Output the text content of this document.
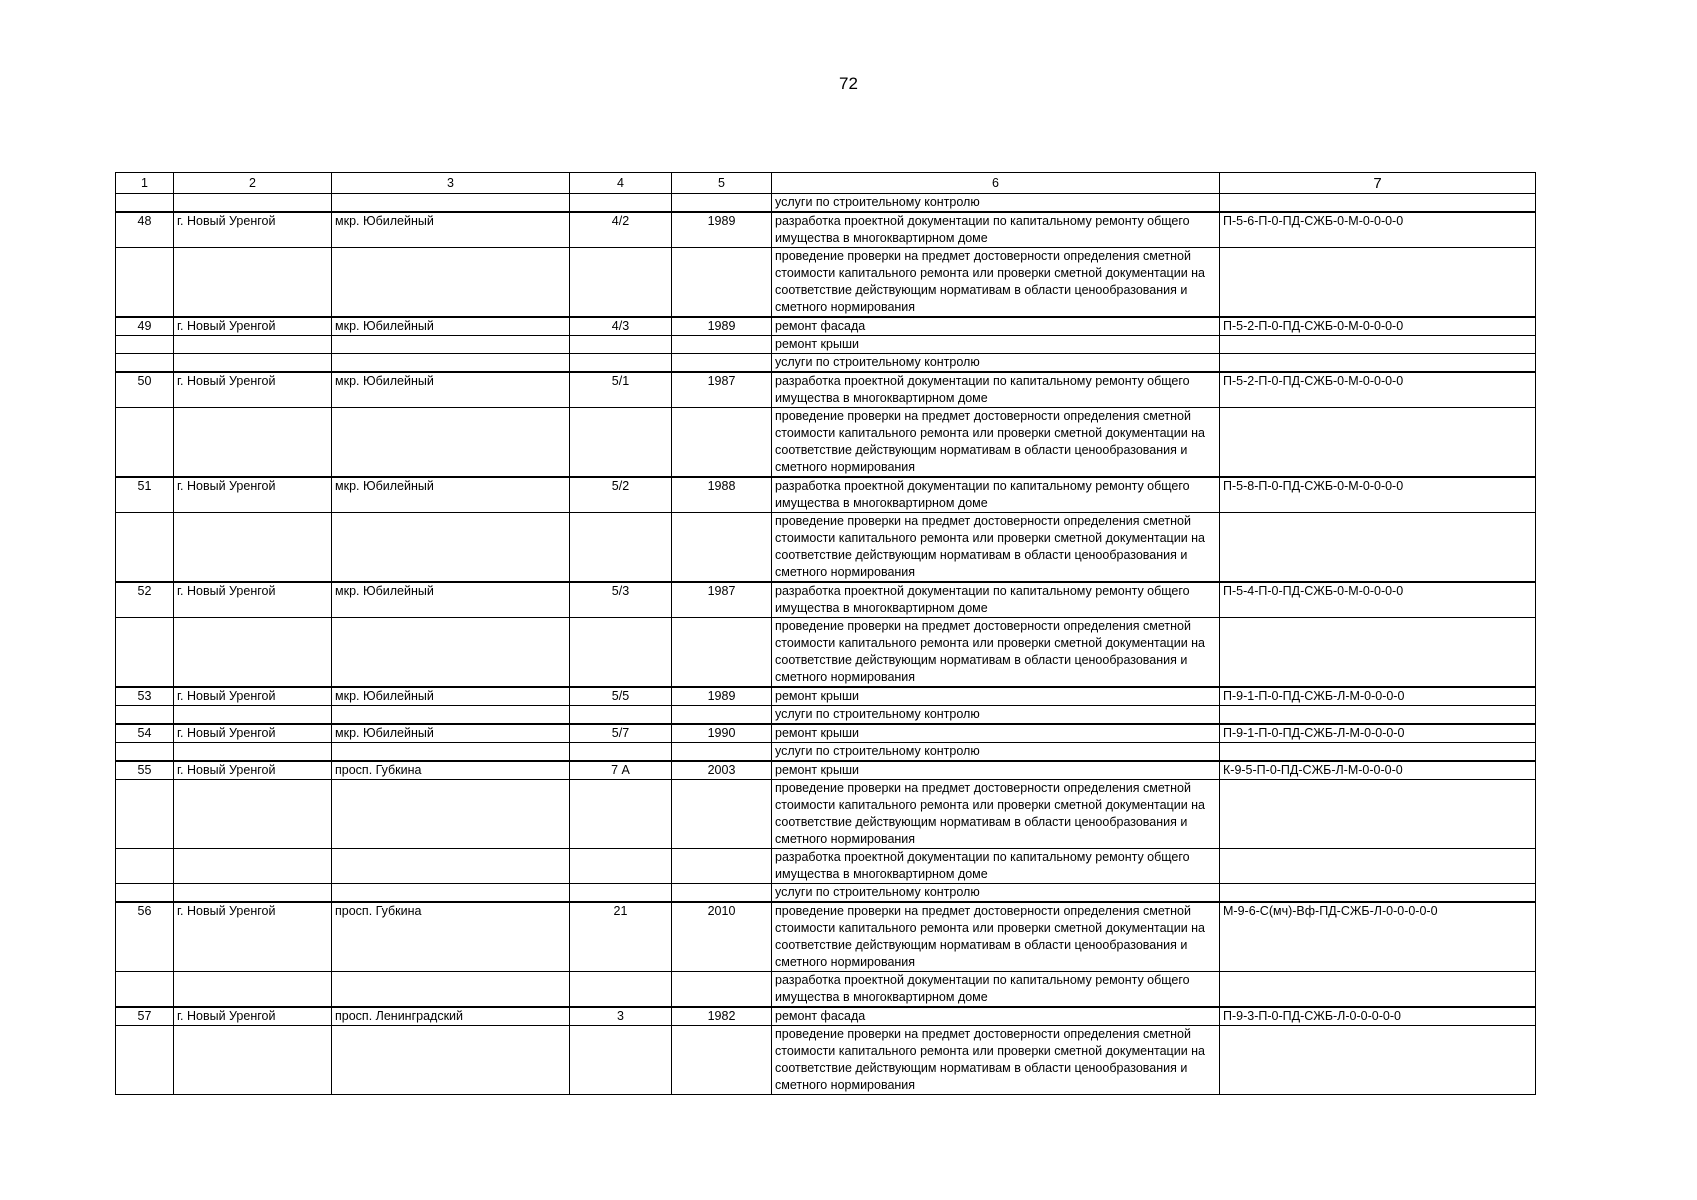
72
1	2	3	4	5	6	7
					услуги по строительному контролю	
48	г. Новый Уренгой	мкр. Юбилейный	4/2	1989	разработка проектной документации по капитальному ремонту общего имущества в многоквартирном доме	П-5-6-П-0-ПД-СЖБ-0-М-0-0-0-0
					проведение проверки на предмет достоверности определения сметной стоимости капитального ремонта или проверки сметной документации на соответствие действующим нормативам в области ценообразования и сметного нормирования	
49	г. Новый Уренгой	мкр. Юбилейный	4/3	1989	ремонт фасада	П-5-2-П-0-ПД-СЖБ-0-М-0-0-0-0
					ремонт крыши	
					услуги по строительному контролю	
50	г. Новый Уренгой	мкр. Юбилейный	5/1	1987	разработка проектной документации по капитальному ремонту общего имущества в многоквартирном доме	П-5-2-П-0-ПД-СЖБ-0-М-0-0-0-0
					проведение проверки на предмет достоверности определения сметной стоимости капитального ремонта или проверки сметной документации на соответствие действующим нормативам в области ценообразования и сметного нормирования	
51	г. Новый Уренгой	мкр. Юбилейный	5/2	1988	разработка проектной документации по капитальному ремонту общего имущества в многоквартирном доме	П-5-8-П-0-ПД-СЖБ-0-М-0-0-0-0
					проведение проверки на предмет достоверности определения сметной стоимости капитального ремонта или проверки сметной документации на соответствие действующим нормативам в области ценообразования и сметного нормирования	
52	г. Новый Уренгой	мкр. Юбилейный	5/3	1987	разработка проектной документации по капитальному ремонту общего имущества в многоквартирном доме	П-5-4-П-0-ПД-СЖБ-0-М-0-0-0-0
					проведение проверки на предмет достоверности определения сметной стоимости капитального ремонта или проверки сметной документации на соответствие действующим нормативам в области ценообразования и сметного нормирования	
53	г. Новый Уренгой	мкр. Юбилейный	5/5	1989	ремонт крыши	П-9-1-П-0-ПД-СЖБ-Л-М-0-0-0-0
					услуги по строительному контролю	
54	г. Новый Уренгой	мкр. Юбилейный	5/7	1990	ремонт крыши	П-9-1-П-0-ПД-СЖБ-Л-М-0-0-0-0
					услуги по строительному контролю	
55	г. Новый Уренгой	просп. Губкина	7 А	2003	ремонт крыши	К-9-5-П-0-ПД-СЖБ-Л-М-0-0-0-0
					проведение проверки на предмет достоверности определения сметной стоимости капитального ремонта или проверки сметной документации на соответствие действующим нормативам в области ценообразования и сметного нормирования	
					разработка проектной документации по капитальному ремонту общего имущества в многоквартирном доме	
					услуги по строительному контролю	
56	г. Новый Уренгой	просп. Губкина	21	2010	проведение проверки на предмет достоверности определения сметной стоимости капитального ремонта или проверки сметной документации на соответствие действующим нормативам в области ценообразования и сметного нормирования	М-9-6-С(мч)-Вф-ПД-СЖБ-Л-0-0-0-0-0
					разработка проектной документации по капитальному ремонту общего имущества в многоквартирном доме	
57	г. Новый Уренгой	просп. Ленинградский	3	1982	ремонт фасада	П-9-3-П-0-ПД-СЖБ-Л-0-0-0-0-0
					проведение проверки на предмет достоверности определения сметной стоимости капитального ремонта или проверки сметной документации на соответствие действующим нормативам в области ценообразования и сметного нормирования	
